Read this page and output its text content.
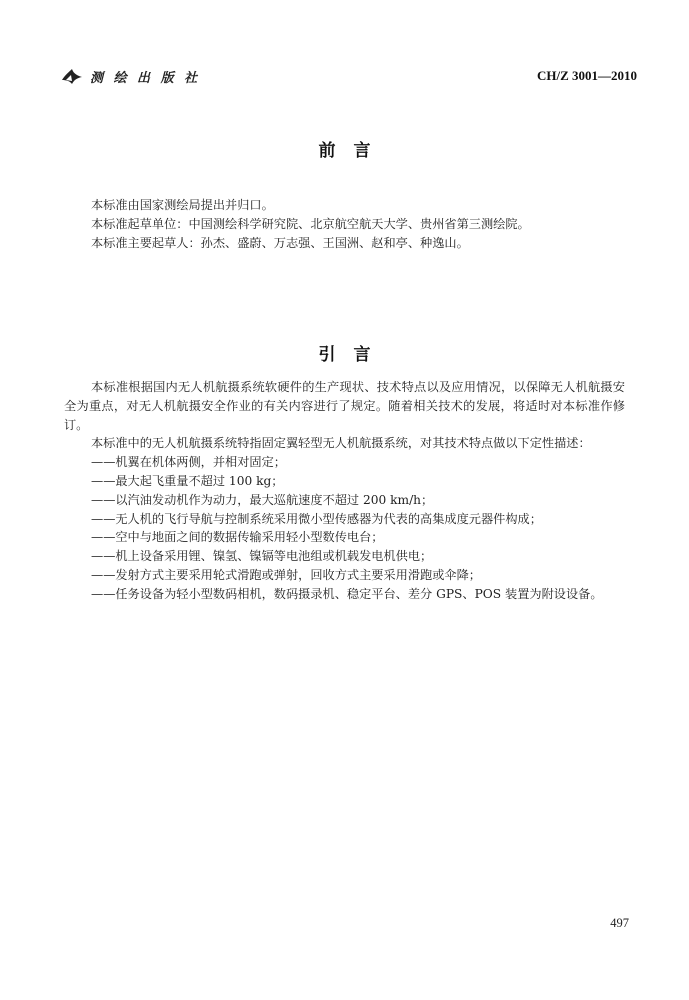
测 绘 出 版 社	CH/Z 3001—2010
前言

本标准由国家测绘局提出并归口。

本标准起草单位：中国测绘科学研究院、北京航空航天大学、贵州省第三测绘院。

本标准主要起草人：孙杰、盛蔚、万志强、王国洲、赵和亭、种逸山。

引言

本标准根据国内无人机航摄系统软硬件的生产现状、技术特点以及应用情况，以保障无人机航摄安全为重点，对无人机航摄安全作业的有关内容进行了规定。随着相关技术的发展，将适时对本标准作修订。

本标准中的无人机航摄系统特指固定翼轻型无人机航摄系统，对其技术特点做以下定性描述：

——机翼在机体两侧，并相对固定；

——最大起飞重量不超过 100 kg；

——以汽油发动机作为动力，最大巡航速度不超过 200 km/h；

——无人机的飞行导航与控制系统采用微小型传感器为代表的高集成度元器件构成；

——空中与地面之间的数据传输采用轻小型数传电台；

——机上设备采用锂、镍氢、镍镉等电池组或机载发电机供电；

——发射方式主要采用轮式滑跑或弹射，回收方式主要采用滑跑或伞降；

——任务设备为轻小型数码相机，数码摄录机、稳定平台、差分 GPS、POS 装置为附设设备。

497
